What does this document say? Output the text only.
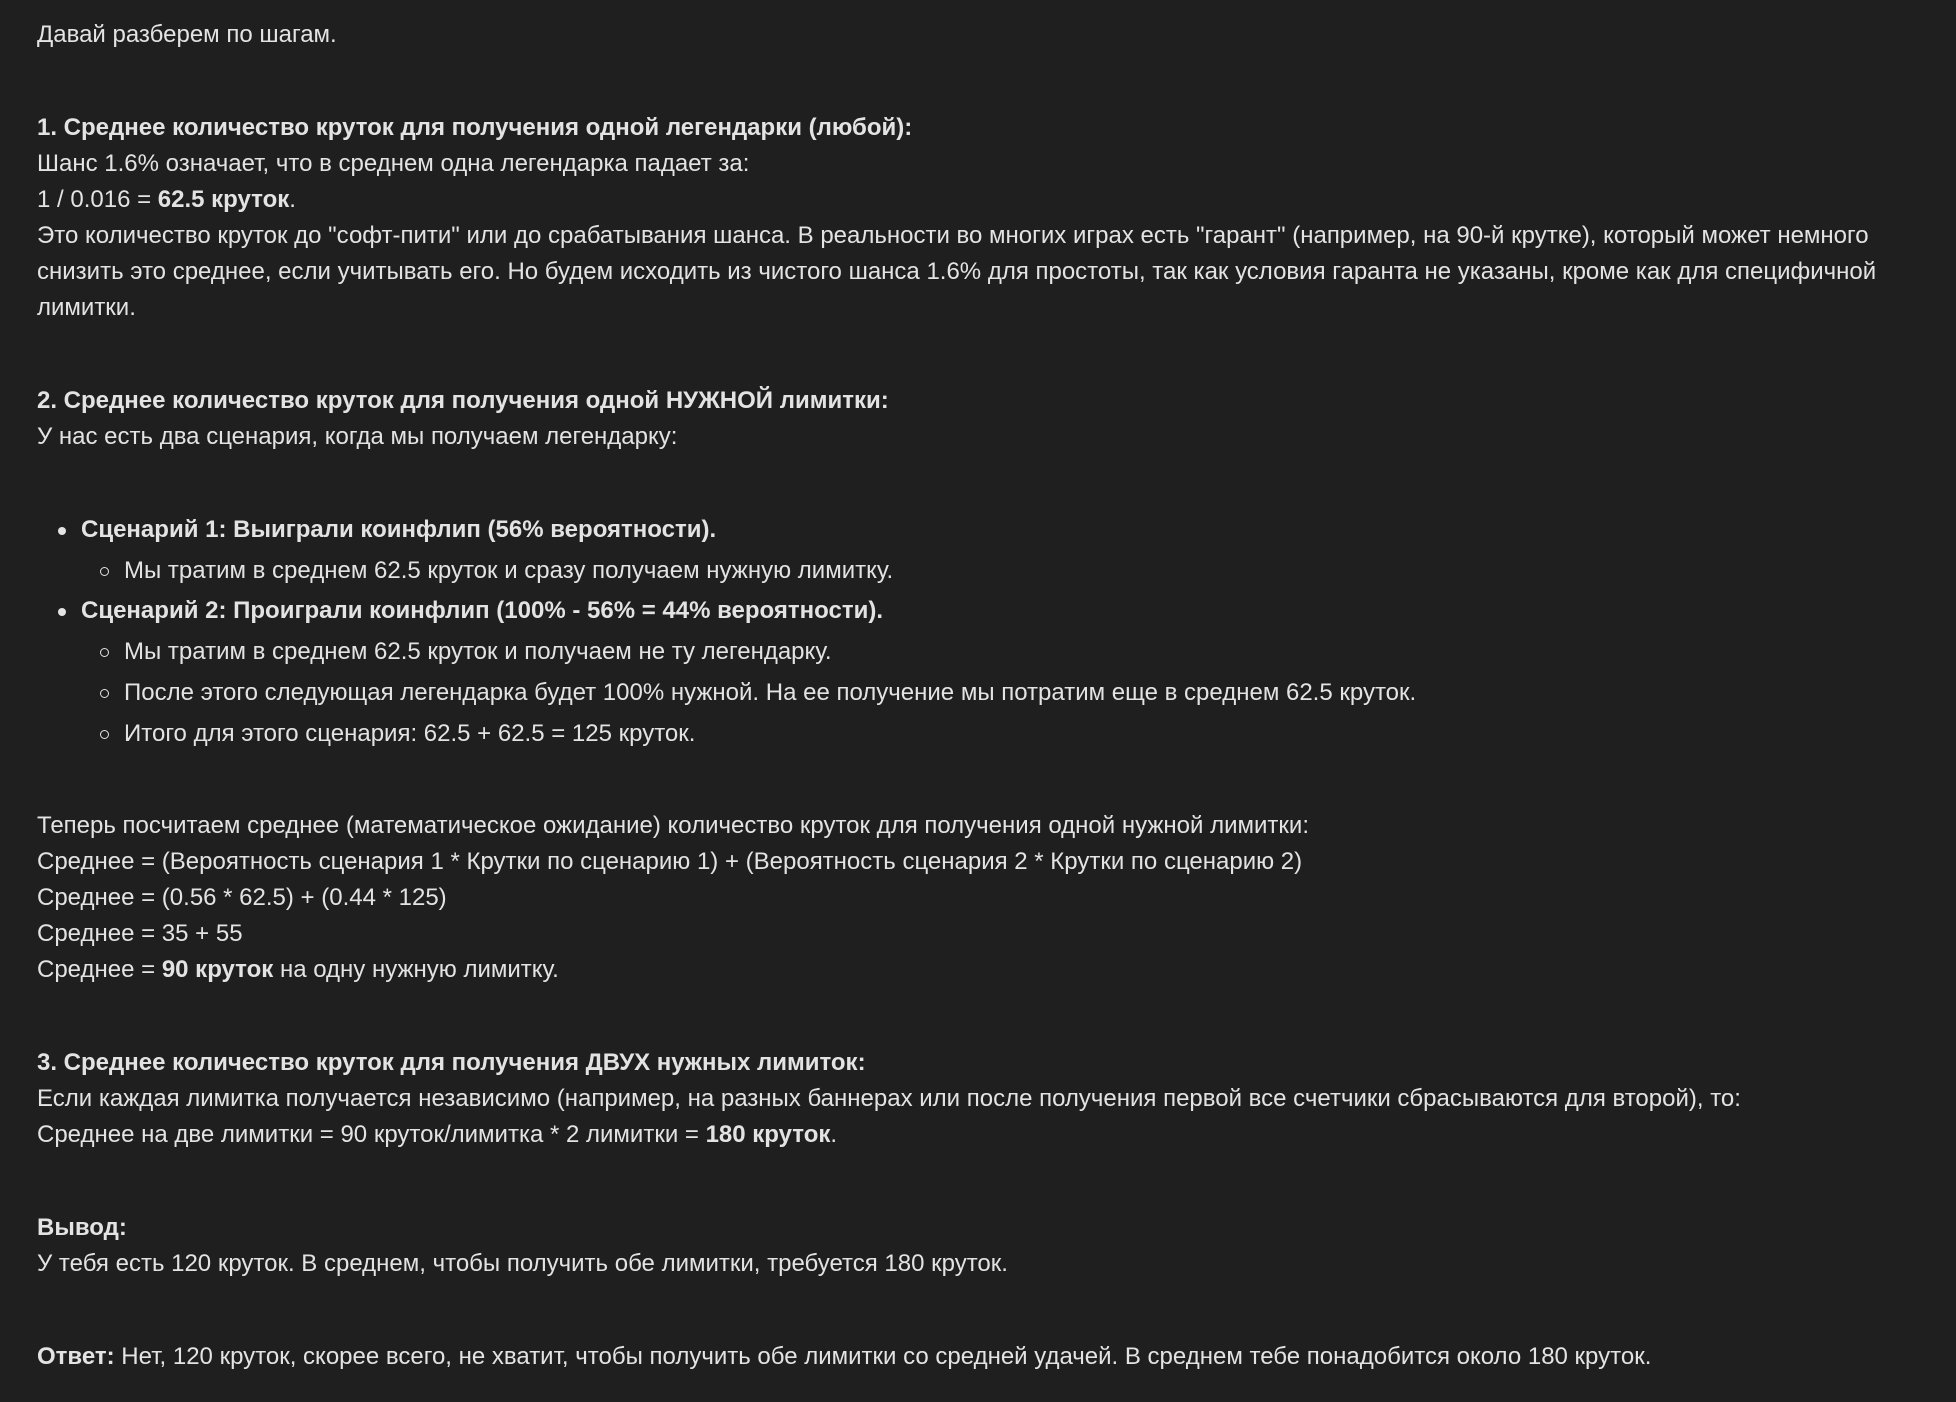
Давай разберем по шагам.

1. Среднее количество круток для получения одной легендарки (любой):

Шанс 1.6% означает, что в среднем одна легендарка падает за:

1 / 0.016 = 62.5 круток.

Это количество круток до "софт-пити" или до срабатывания шанса. В реальности во многих играх есть "гарант" (например, на 90-й крутке), который может немного снизить это среднее, если учитывать его. Но будем исходить из чистого шанса 1.6% для простоты, так как условия гаранта не указаны, кроме как для специфичной лимитки.

2. Среднее количество круток для получения одной НУЖНОЙ лимитки:

У нас есть два сценария, когда мы получаем легендарку:

Сценарий 1: Выиграли коинфлип (56% вероятности).
Мы тратим в среднем 62.5 круток и сразу получаем нужную лимитку.
Сценарий 2: Проиграли коинфлип (100% - 56% = 44% вероятности).
Мы тратим в среднем 62.5 круток и получаем не ту легендарку.
После этого следующая легендарка будет 100% нужной. На ее получение мы потратим еще в среднем 62.5 круток.
Итого для этого сценария: 62.5 + 62.5 = 125 круток.

Теперь посчитаем среднее (математическое ожидание) количество круток для получения одной нужной лимитки:

Среднее = (Вероятность сценария 1 * Крутки по сценарию 1) + (Вероятность сценария 2 * Крутки по сценарию 2)

Среднее = (0.56 * 62.5) + (0.44 * 125)

Среднее = 35 + 55

Среднее = 90 круток на одну нужную лимитку.

3. Среднее количество круток для получения ДВУХ нужных лимиток:

Если каждая лимитка получается независимо (например, на разных баннерах или после получения первой все счетчики сбрасываются для второй), то:

Среднее на две лимитки = 90 круток/лимитка * 2 лимитки = 180 круток.

Вывод:

У тебя есть 120 круток. В среднем, чтобы получить обе лимитки, требуется 180 круток.

Ответ: Нет, 120 круток, скорее всего, не хватит, чтобы получить обе лимитки со средней удачей. В среднем тебе понадобится около 180 круток.
